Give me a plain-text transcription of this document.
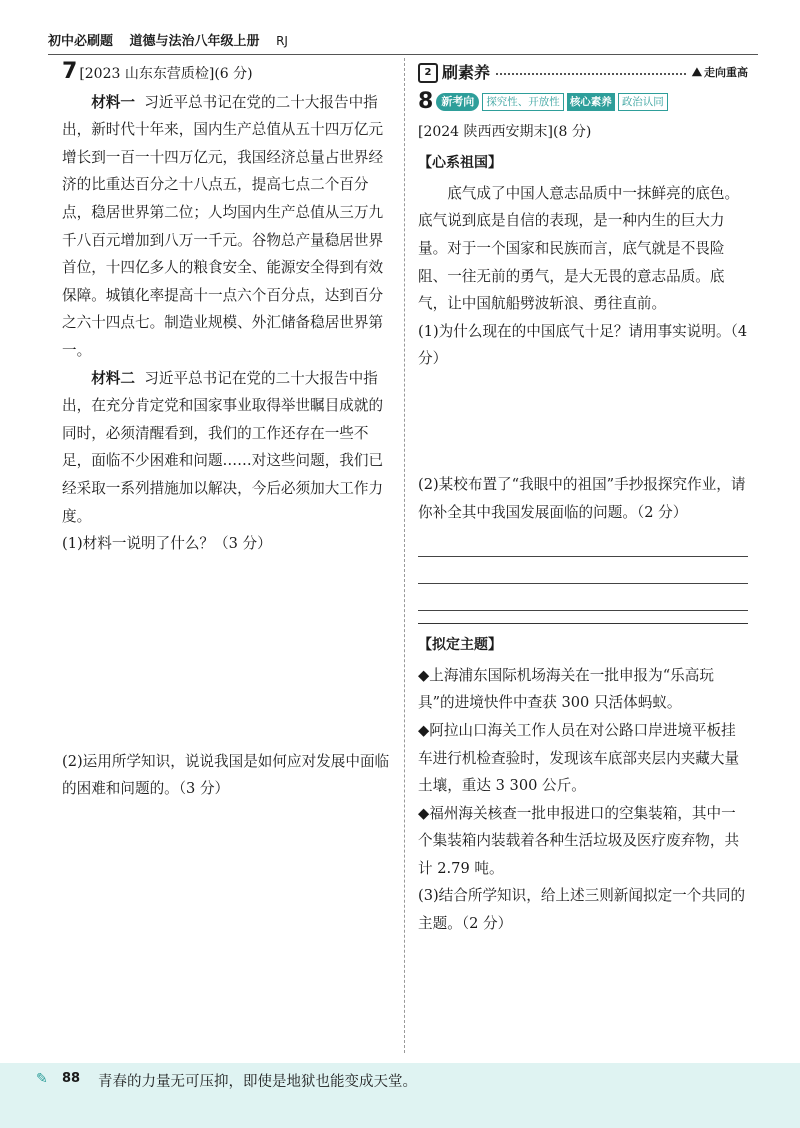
初中必刷题 道德与法治八年级上册 RJ
7 [2023 山东东营质检](6 分)

材料一 习近平总书记在党的二十大报告中指出，新时代十年来，国内生产总值从五十四万亿元增长到一百一十四万亿元，我国经济总量占世界经济的比重达百分之十八点五，提高七点二个百分点，稳居世界第二位；人均国内生产总值从三万九千八百元增加到八万一千元。谷物总产量稳居世界首位，十四亿多人的粮食安全、能源安全得到有效保障。城镇化率提高十一点六个百分点，达到百分之六十四点七。制造业规模、外汇储备稳居世界第一。

材料二 习近平总书记在党的二十大报告中指出，在充分肯定党和国家事业取得举世瞩目成就的同时，必须清醒看到，我们的工作还存在一些不足，面临不少困难和问题……对这些问题，我们已经采取一系列措施加以解决，今后必须加大工作力度。

(1)材料一说明了什么？（3 分）

(2)运用所学知识，说说我国是如何应对发展中面临的困难和问题的。（3 分）

2 刷素养	⛰ 走向重高
8 新考向	探究性、开放性 核心素养 政治认同
[2024 陕西西安期末](8 分)
【心系祖国】

底气成了中国人意志品质中一抹鲜亮的底色。底气说到底是自信的表现，是一种内生的巨大力量。对于一个国家和民族而言，底气就是不畏险阻、一往无前的勇气，是大无畏的意志品质。底气，让中国航船劈波斩浪、勇往直前。

(1)为什么现在的中国底气十足？请用事实说明。（4 分）

(2)某校布置了“我眼中的祖国”手抄报探究作业，请你补全其中我国发展面临的问题。（2 分）

【拟定主题】

◆上海浦东国际机场海关在一批申报为“乐高玩具”的进境快件中查获 300 只活体蚂蚁。

◆阿拉山口海关工作人员在对公路口岸进境平板挂车进行机检查验时，发现该车底部夹层内夹藏大量土壤，重达 3 300 公斤。

◆福州海关核查一批申报进口的空集装箱，其中一个集装箱内装载着各种生活垃圾及医疗废弃物，共计 2.79 吨。

(3)结合所学知识，给上述三则新闻拟定一个共同的主题。（2 分）

✎ 88 青春的力量无可压抑，即使是地狱也能变成天堂。
